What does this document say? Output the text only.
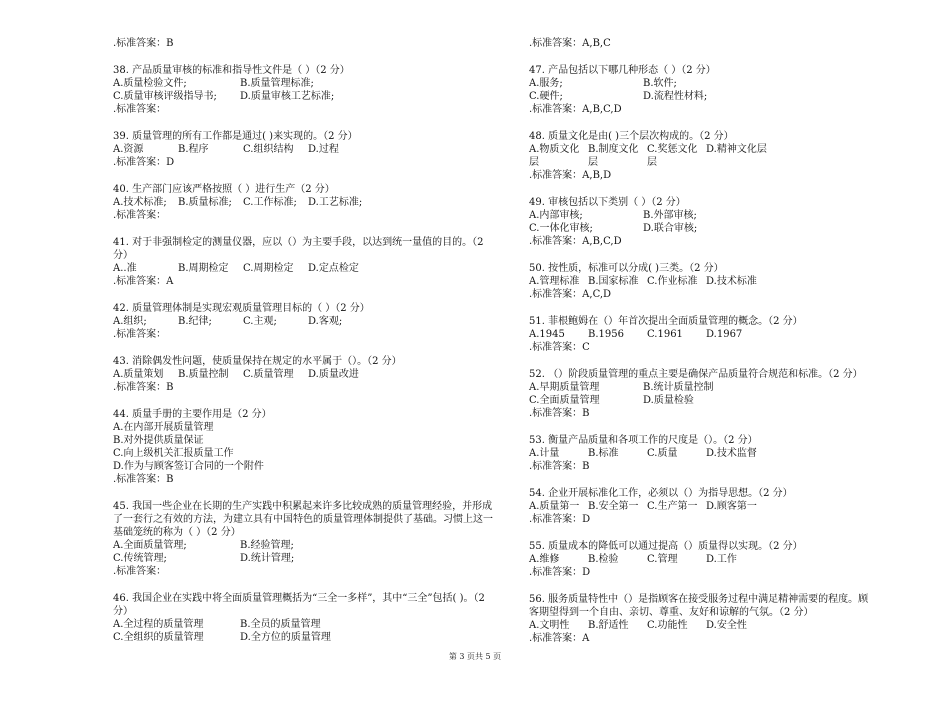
.标准答案：B
38. 产品质量审核的标准和指导性文件是（ ）（2 分）
A.质量检验文件;	B.质量管理标准;
C.质量审核评级指导书;	D.质量审核工艺标准;
.标准答案：
39. 质量管理的所有工作都是通过( )来实现的。（2 分）
A.资源	B.程序	C.组织结构	D.过程
.标准答案：D
40. 生产部门应该严格按照（ ）进行生产（2 分）
A.技术标准;	B.质量标准;	C.工作标准;	D.工艺标准;
.标准答案：
41. 对于非强制检定的测量仪器，应以（）为主要手段，以达到统一量值的目的。（2 分）
A..准	B.周期检定	C.周期检定	D.定点检定
.标准答案：A
42. 质量管理体制是实现宏观质量管理目标的（ ）（2 分）
A.组织;	B.纪律;	C.主观;	D.客观;
.标准答案：
43. 消除偶发性问题，使质量保持在规定的水平属于（）。（2 分）
A.质量策划	B.质量控制	C.质量管理	D.质量改进
.标准答案：B
44. 质量手册的主要作用是（2 分）
A.在内部开展质量管理
B.对外提供质量保证
C.向上级机关汇报质量工作
D.作为与顾客签订合同的一个附件
.标准答案：B
45. 我国一些企业在长期的生产实践中积累起来许多比较成熟的质量管理经验，并形成了一套行之有效的方法，为建立具有中国特色的质量管理体制提供了基础。习惯上这一基础笼统的称为（ ）（2 分）
A.全面质量管理;	B.经验管理;
C.传统管理;	D.统计管理;
.标准答案：
46. 我国企业在实践中将全面质量管理概括为“三全一多样”，其中“三全”包括( )。（2 分）
A.全过程的质量管理	B.全员的质量管理
C.全组织的质量管理	D.全方位的质量管理
.标准答案：A,B,C
47. 产品包括以下哪几种形态（ ）（2 分）
A.服务;	B.软件;
C.硬件;	D.流程性材料;
.标准答案：A,B,C,D
48. 质量文化是由( )三个层次构成的。（2 分）
A.物质文化层
B.制度文化层
C.奖惩文化层
D.精神文化层
.标准答案：A,B,D
49. 审核包括以下类别（ ）（2 分）
A.内部审核;	B.外部审核;
C.一体化审核;	D.联合审核;
.标准答案：A,B,C,D
50. 按性质，标准可以分成( )三类。（2 分）
A.管理标准 B.国家标准 C.作业标准 D.技术标准
.标准答案：A,C,D
51. 菲根鲍姆在（）年首次提出全面质量管理的概念。（2 分）
A.1945	B.1956	C.1961	D.1967
.标准答案：C
52. （）阶段质量管理的重点主要是确保产品质量符合规范和标准。（2 分）
A.早期质量管理	B.统计质量控制
C.全面质量管理	D.质量检验
.标准答案：B
53. 衡量产品质量和各项工作的尺度是（）。（2 分）
A.计量	B.标准	C.质量	D.技术监督
.标准答案：B
54. 企业开展标准化工作，必须以（）为指导思想。（2 分）
A.质量第一 B.安全第一 C.生产第一 D.顾客第一
.标准答案：D
55. 质量成本的降低可以通过提高（）质量得以实现。（2 分）
A.维修	B.检验	C.管理	D.工作
.标准答案：D
56. 服务质量特性中（）是指顾客在接受服务过程中满足精神需要的程度。顾客期望得到一个自由、亲切、尊重、友好和谅解的气氛。（2 分）
A.文明性	B.舒适性	C.功能性	D.安全性
.标准答案：A
第 3 页共 5 页
